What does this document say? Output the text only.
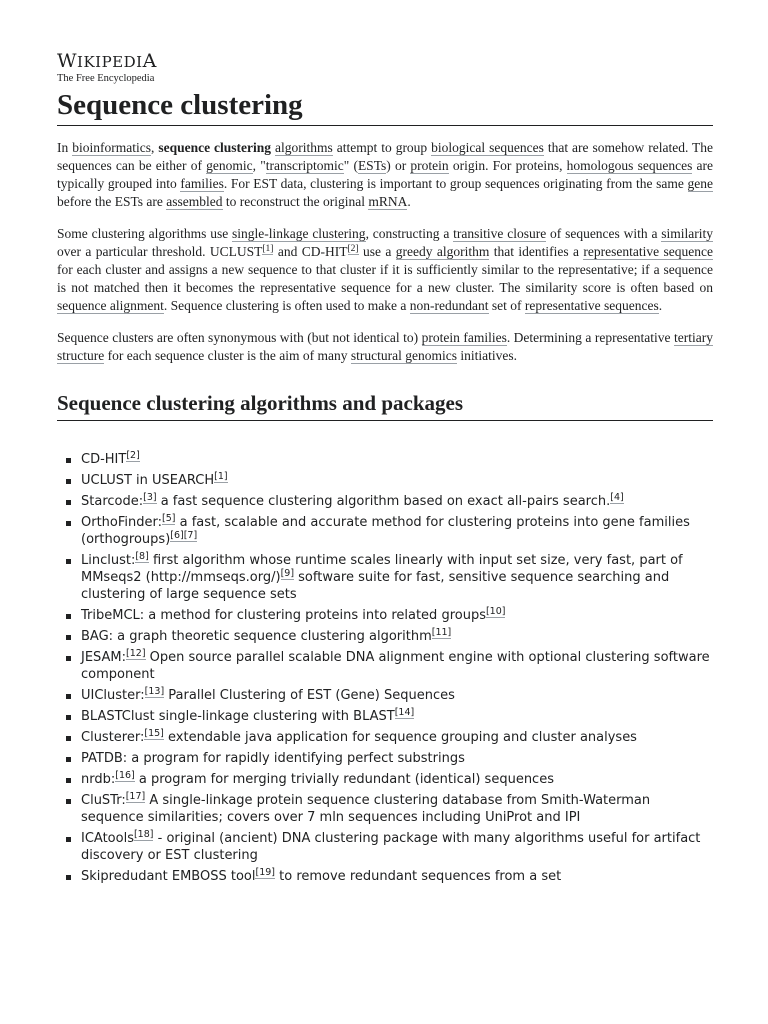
WIKIPEDIA
The Free Encyclopedia
Sequence clustering

In bioinformatics, sequence clustering algorithms attempt to group biological sequences that are somehow related. The sequences can be either of genomic, "transcriptomic" (ESTs) or protein origin. For proteins, homologous sequences are typically grouped into families. For EST data, clustering is important to group sequences originating from the same gene before the ESTs are assembled to reconstruct the original mRNA.

Some clustering algorithms use single-linkage clustering, constructing a transitive closure of sequences with a similarity over a particular threshold. UCLUST[1] and CD-HIT[2] use a greedy algorithm that identifies a representative sequence for each cluster and assigns a new sequence to that cluster if it is sufficiently similar to the representative; if a sequence is not matched then it becomes the representative sequence for a new cluster. The similarity score is often based on sequence alignment. Sequence clustering is often used to make a non-redundant set of representative sequences.

Sequence clusters are often synonymous with (but not identical to) protein families. Determining a representative tertiary structure for each sequence cluster is the aim of many structural genomics initiatives.

Sequence clustering algorithms and packages
CD-HIT[2]
UCLUST in USEARCH[1]
Starcode:[3] a fast sequence clustering algorithm based on exact all-pairs search.[4]
OrthoFinder:[5] a fast, scalable and accurate method for clustering proteins into gene families (orthogroups)[6][7]
Linclust:[8] first algorithm whose runtime scales linearly with input set size, very fast, part of MMseqs2 (http://mmseqs.org/)[9] software suite for fast, sensitive sequence searching and clustering of large sequence sets
TribeMCL: a method for clustering proteins into related groups[10]
BAG: a graph theoretic sequence clustering algorithm[11]
JESAM:[12] Open source parallel scalable DNA alignment engine with optional clustering software component
UICluster:[13] Parallel Clustering of EST (Gene) Sequences
BLASTClust single-linkage clustering with BLAST[14]
Clusterer:[15] extendable java application for sequence grouping and cluster analyses
PATDB: a program for rapidly identifying perfect substrings
nrdb:[16] a program for merging trivially redundant (identical) sequences
CluSTr:[17] A single-linkage protein sequence clustering database from Smith-Waterman sequence similarities; covers over 7 mln sequences including UniProt and IPI
ICAtools[18] - original (ancient) DNA clustering package with many algorithms useful for artifact discovery or EST clustering
Skipredudant EMBOSS tool[19] to remove redundant sequences from a set
